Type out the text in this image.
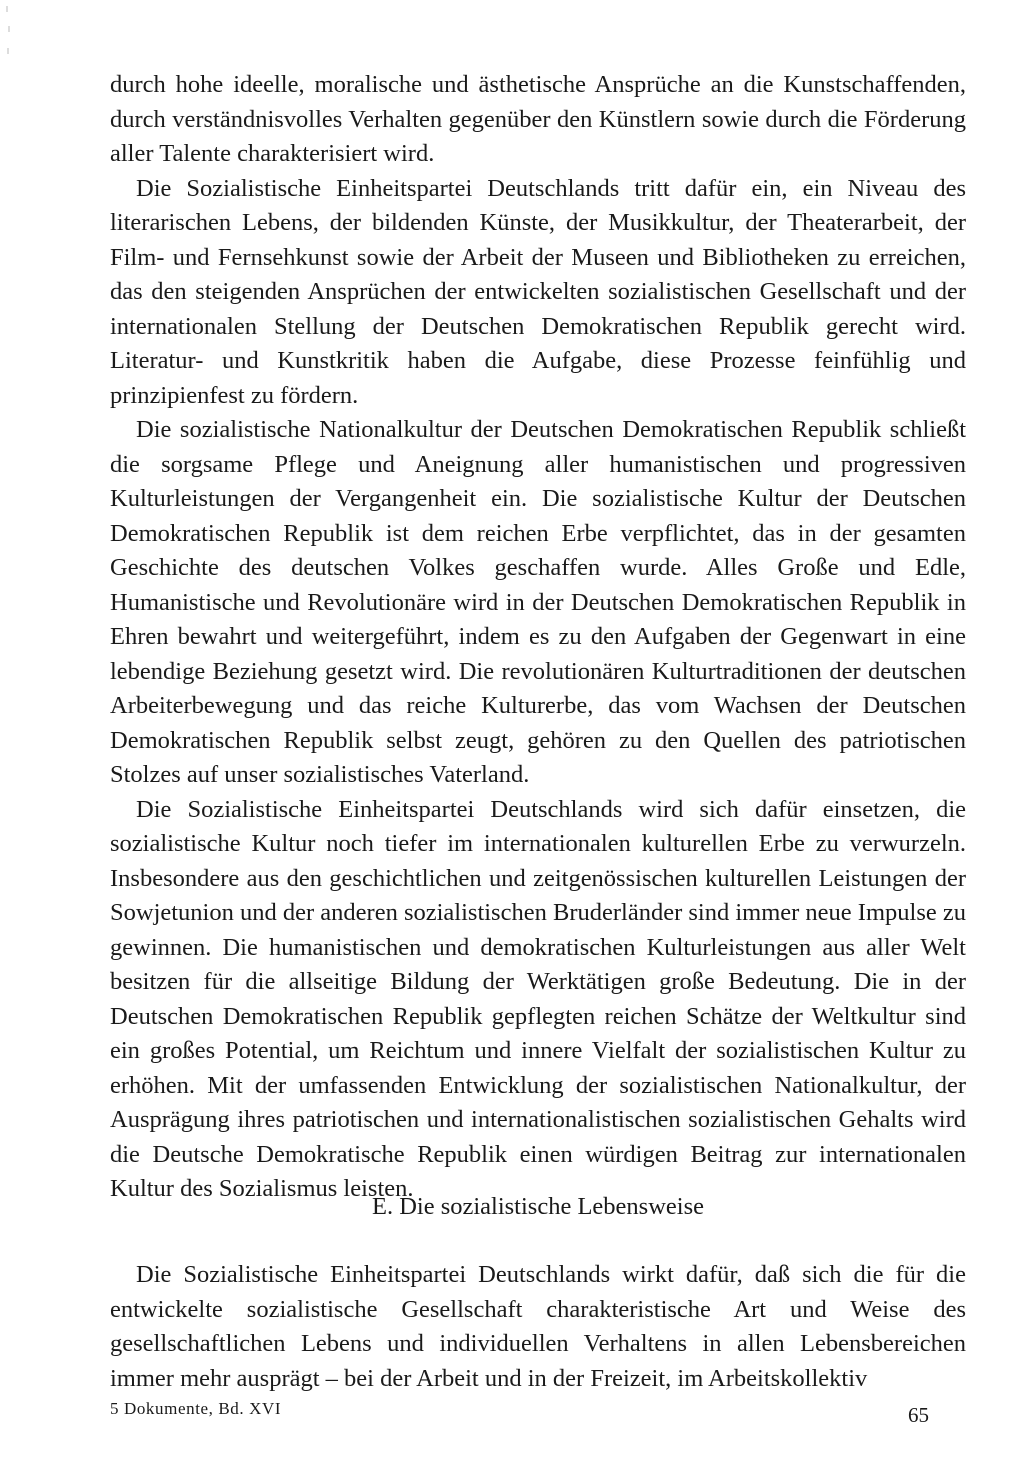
durch hohe ideelle, moralische und ästhetische Ansprüche an die Kunstschaffenden, durch verständnisvolles Verhalten gegenüber den Künstlern sowie durch die Förderung aller Talente charakterisiert wird.

Die Sozialistische Einheitspartei Deutschlands tritt dafür ein, ein Niveau des literarischen Lebens, der bildenden Künste, der Musikkultur, der Theaterarbeit, der Film- und Fernsehkunst sowie der Arbeit der Museen und Bibliotheken zu erreichen, das den steigenden Ansprüchen der entwickelten sozialistischen Gesellschaft und der internationalen Stellung der Deutschen Demokratischen Republik gerecht wird. Literatur- und Kunstkritik haben die Aufgabe, diese Prozesse feinfühlig und prinzipienfest zu fördern.

Die sozialistische Nationalkultur der Deutschen Demokratischen Republik schließt die sorgsame Pflege und Aneignung aller humanistischen und progressiven Kulturleistungen der Vergangenheit ein. Die sozialistische Kultur der Deutschen Demokratischen Republik ist dem reichen Erbe verpflichtet, das in der gesamten Geschichte des deutschen Volkes geschaffen wurde. Alles Große und Edle, Humanistische und Revolutionäre wird in der Deutschen Demokratischen Republik in Ehren bewahrt und weitergeführt, indem es zu den Aufgaben der Gegenwart in eine lebendige Beziehung gesetzt wird. Die revolutionären Kulturtraditionen der deutschen Arbeiterbewegung und das reiche Kulturerbe, das vom Wachsen der Deutschen Demokratischen Republik selbst zeugt, gehören zu den Quellen des patriotischen Stolzes auf unser sozialistisches Vaterland.

Die Sozialistische Einheitspartei Deutschlands wird sich dafür einsetzen, die sozialistische Kultur noch tiefer im internationalen kulturellen Erbe zu verwurzeln. Insbesondere aus den geschichtlichen und zeitgenössischen kulturellen Leistungen der Sowjetunion und der anderen sozialistischen Bruderländer sind immer neue Impulse zu gewinnen. Die humanistischen und demokratischen Kulturleistungen aus aller Welt besitzen für die allseitige Bildung der Werktätigen große Bedeutung. Die in der Deutschen Demokratischen Republik gepflegten reichen Schätze der Weltkultur sind ein großes Potential, um Reichtum und innere Vielfalt der sozialistischen Kultur zu erhöhen. Mit der umfassenden Entwicklung der sozialistischen Nationalkultur, der Ausprägung ihres patriotischen und internationalistischen sozialistischen Gehalts wird die Deutsche Demokratische Republik einen würdigen Beitrag zur internationalen Kultur des Sozialismus leisten.

E. Die sozialistische Lebensweise

Die Sozialistische Einheitspartei Deutschlands wirkt dafür, daß sich die für die entwickelte sozialistische Gesellschaft charakteristische Art und Weise des gesellschaftlichen Lebens und individuellen Verhaltens in allen Lebensbereichen immer mehr ausprägt – bei der Arbeit und in der Freizeit, im Arbeitskollektiv

5 Dokumente, Bd. XVI	65
